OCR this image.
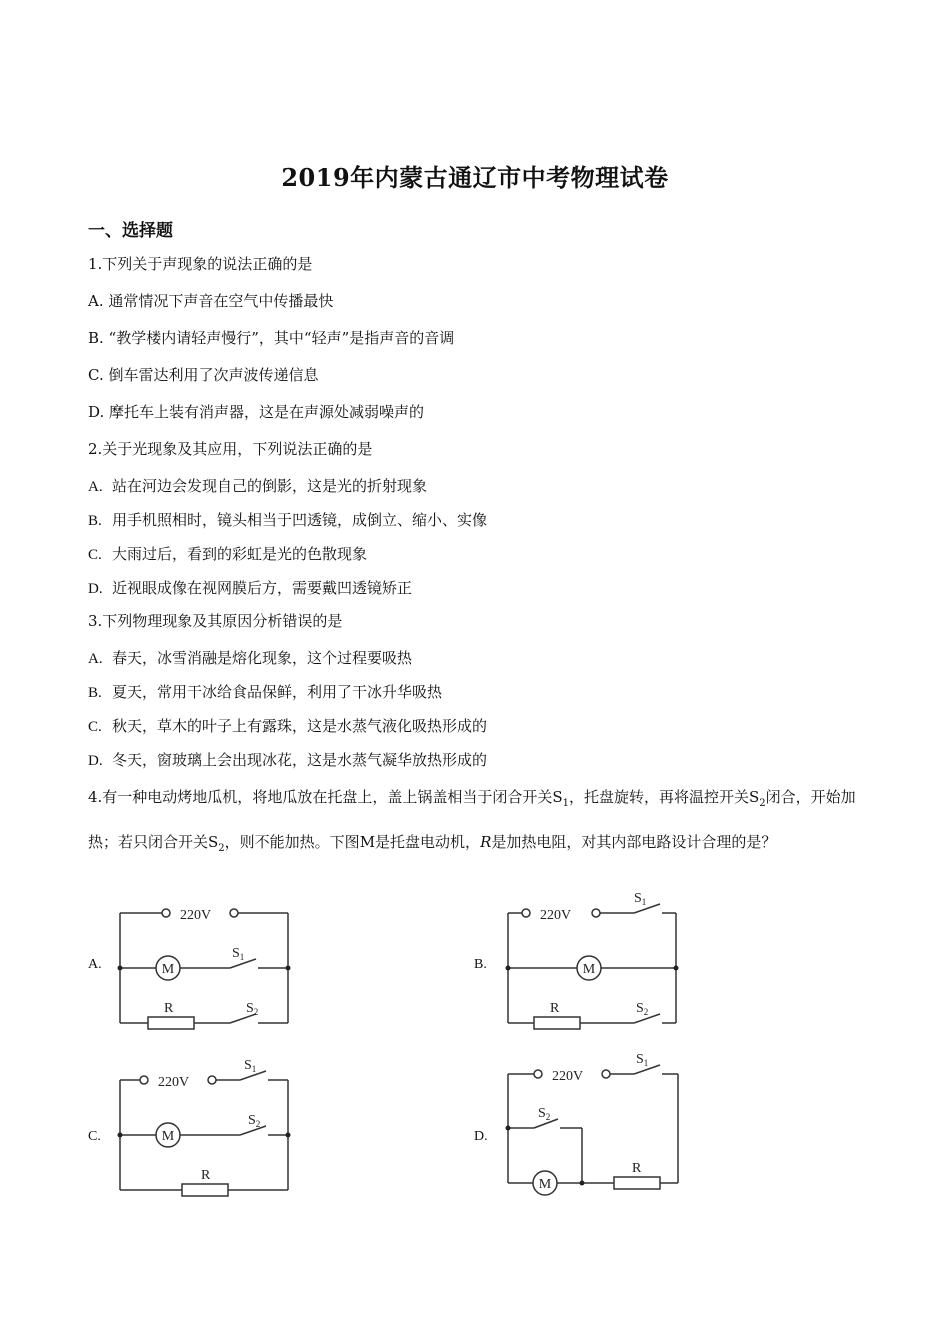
2019年内蒙古通辽市中考物理试卷
一、选择题
1.下列关于声现象的说法正确的是
A. 通常情况下声音在空气中传播最快
B. “教学楼内请轻声慢行”，其中“轻声”是指声音的音调
C. 倒车雷达利用了次声波传递信息
D. 摩托车上装有消声器，这是在声源处减弱噪声的
2.关于光现象及其应用，下列说法正确的是
A. 站在河边会发现自己的倒影，这是光的折射现象
B. 用手机照相时，镜头相当于凹透镜，成倒立、缩小、实像
C. 大雨过后，看到的彩虹是光的色散现象
D. 近视眼成像在视网膜后方，需要戴凹透镜矫正
3.下列物理现象及其原因分析错误的是
A. 春天，冰雪消融是熔化现象，这个过程要吸热
B. 夏天，常用干冰给食品保鲜，利用了干冰升华吸热
C. 秋天，草木的叶子上有露珠，这是水蒸气液化吸热形成的
D. 冬天，窗玻璃上会出现冰花，这是水蒸气凝华放热形成的
4.有一种电动烤地瓜机，将地瓜放在托盘上，盖上锅盖相当于闭合开关$S_1$，托盘旋转，再将温控开关$S_2$闭合，开始加热；若只闭合开关$S_2$，则不能加热。下图M是托盘电动机，R是加热电阻，对其内部电路设计合理的是？
A.	B.
C.	D.
220V
M
$S_1$
R	$S_2$
220V
M
$S_1$
R	$S_2$
220V
M
$S_1$
$S_2$
R
220V
$S_1$
$S_2$
M
R
